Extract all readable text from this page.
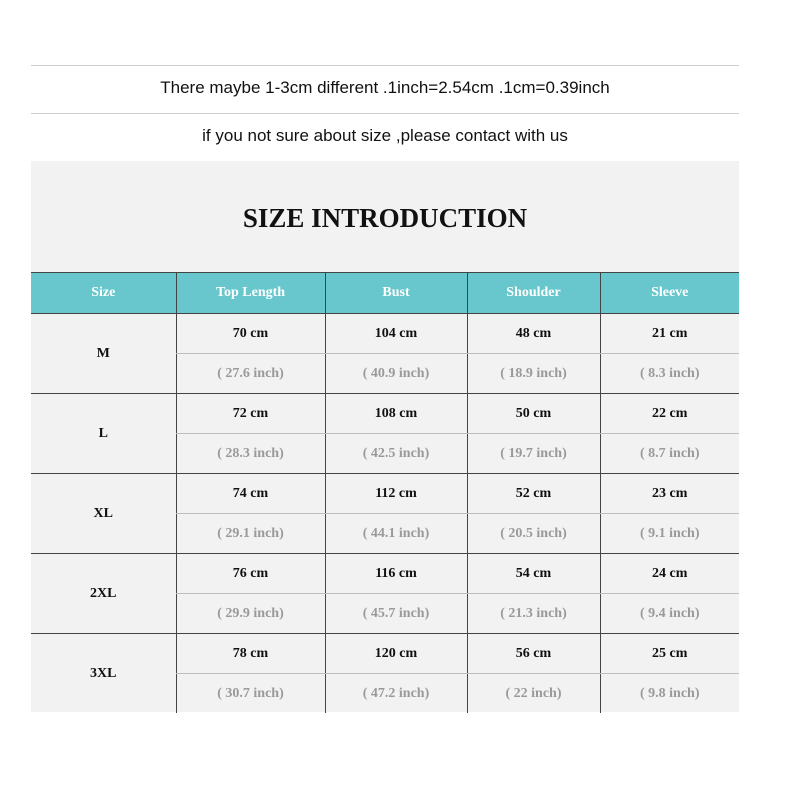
There maybe 1-3cm different .1inch=2.54cm .1cm=0.39inch
if you not sure about size ,please contact with us
SIZE INTRODUCTION
Size	Top Length	Bust	Shoulder	Sleeve
M	70 cm	104 cm	48 cm	21 cm
	( 27.6 inch)	( 40.9 inch)	( 18.9 inch)	( 8.3 inch)
L	72 cm	108 cm	50 cm	22 cm
	( 28.3 inch)	( 42.5 inch)	( 19.7 inch)	( 8.7 inch)
XL	74 cm	112 cm	52 cm	23 cm
	( 29.1 inch)	( 44.1 inch)	( 20.5 inch)	( 9.1 inch)
2XL	76 cm	116 cm	54 cm	24 cm
	( 29.9 inch)	( 45.7 inch)	( 21.3 inch)	( 9.4 inch)
3XL	78 cm	120 cm	56 cm	25 cm
	( 30.7 inch)	( 47.2 inch)	( 22 inch)	( 9.8 inch)
